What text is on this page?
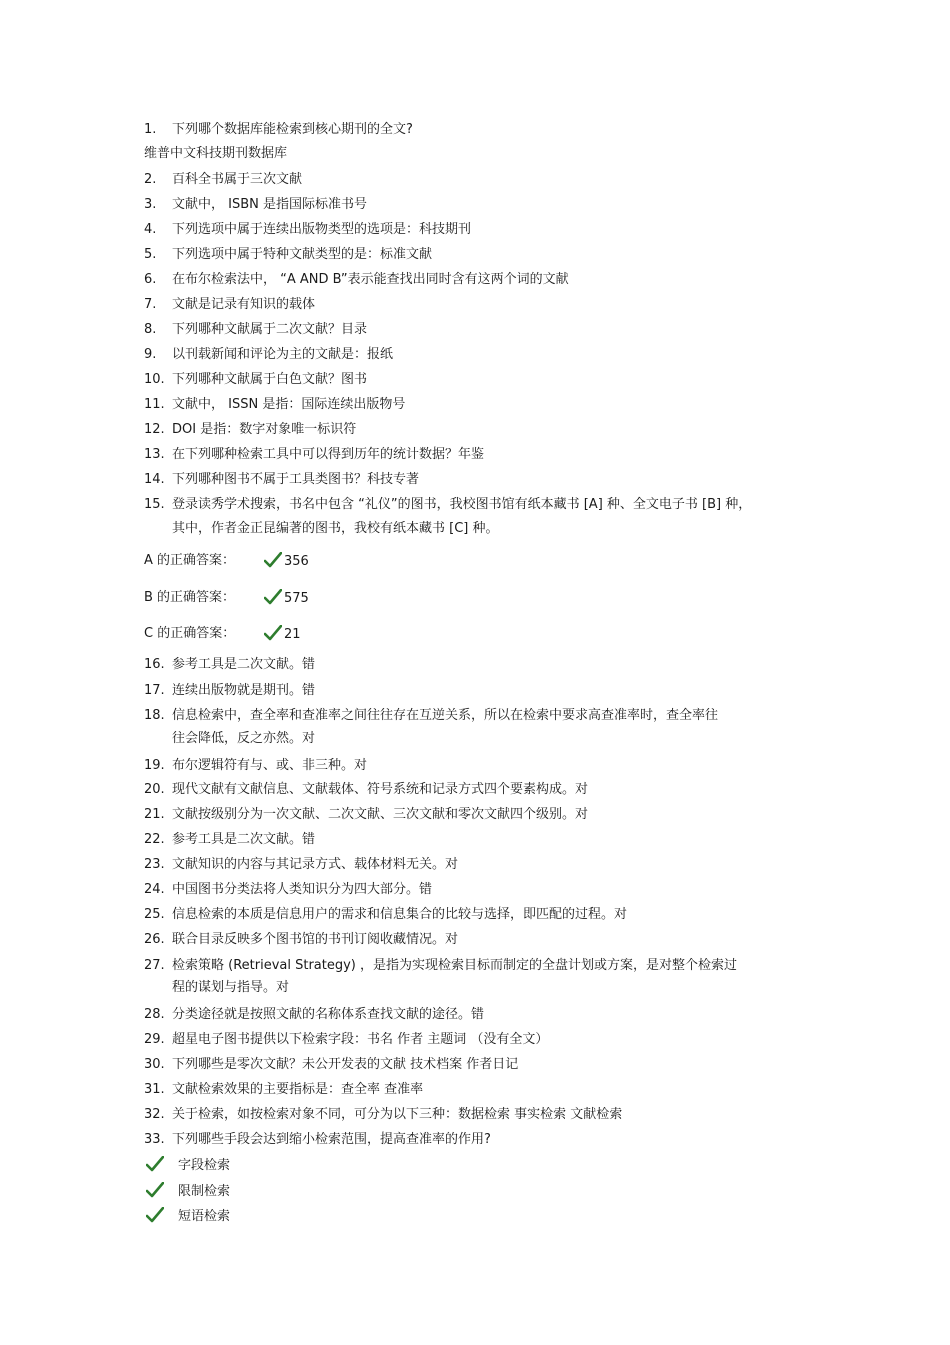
1. 下列哪个数据库能检索到核心期刊的全文?
维普中文科技期刊数据库
2. 百科全书属于三次文献
3. 文献中， ISBN 是指国际标准书号
4. 下列选项中属于连续出版物类型的选项是：科技期刊
5. 下列选项中属于特种文献类型的是：标准文献
6. 在布尔检索法中， “A AND B”表示能查找出同时含有这两个词的文献
7. 文献是记录有知识的载体
8. 下列哪种文献属于二次文献？目录
9. 以刊载新闻和评论为主的文献是：报纸
10. 下列哪种文献属于白色文献？图书
11. 文献中， ISSN 是指：国际连续出版物号
12. DOI 是指：数字对象唯一标识符
13. 在下列哪种检索工具中可以得到历年的统计数据？年鉴
14. 下列哪种图书不属于工具类图书？科技专著
15. 登录读秀学术搜索，书名中包含 “礼仪”的图书，我校图书馆有纸本藏书 [A] 种、全文电子书 [B] 种，
其中，作者金正昆编著的图书，我校有纸本藏书 [C] 种。
A 的正确答案：	356
B 的正确答案：	575
C 的正确答案：	21
16. 参考工具是二次文献。错
17. 连续出版物就是期刊。错
18. 信息检索中，查全率和查准率之间往往存在互逆关系，所以在检索中要求高查准率时，查全率往
往会降低，反之亦然。对
19. 布尔逻辑符有与、或、非三种。对
20. 现代文献有文献信息、文献载体、符号系统和记录方式四个要素构成。对
21. 文献按级别分为一次文献、二次文献、三次文献和零次文献四个级别。对
22. 参考工具是二次文献。错
23. 文献知识的内容与其记录方式、载体材料无关。对
24. 中国图书分类法将人类知识分为四大部分。错
25. 信息检索的本质是信息用户的需求和信息集合的比较与选择，即匹配的过程。对
26. 联合目录反映多个图书馆的书刊订阅收藏情况。对
27. 检索策略 (Retrieval Strategy) ，是指为实现检索目标而制定的全盘计划或方案，是对整个检索过
程的谋划与指导。对
28. 分类途径就是按照文献的名称体系查找文献的途径。错
29. 超星电子图书提供以下检索字段：书名 作者 主题词 （没有全文）
30. 下列哪些是零次文献？未公开发表的文献 技术档案 作者日记
31. 文献检索效果的主要指标是：查全率 查准率
32. 关于检索，如按检索对象不同，可分为以下三种：数据检索 事实检索 文献检索
33. 下列哪些手段会达到缩小检索范围，提高查准率的作用?
字段检索
限制检索
短语检索
